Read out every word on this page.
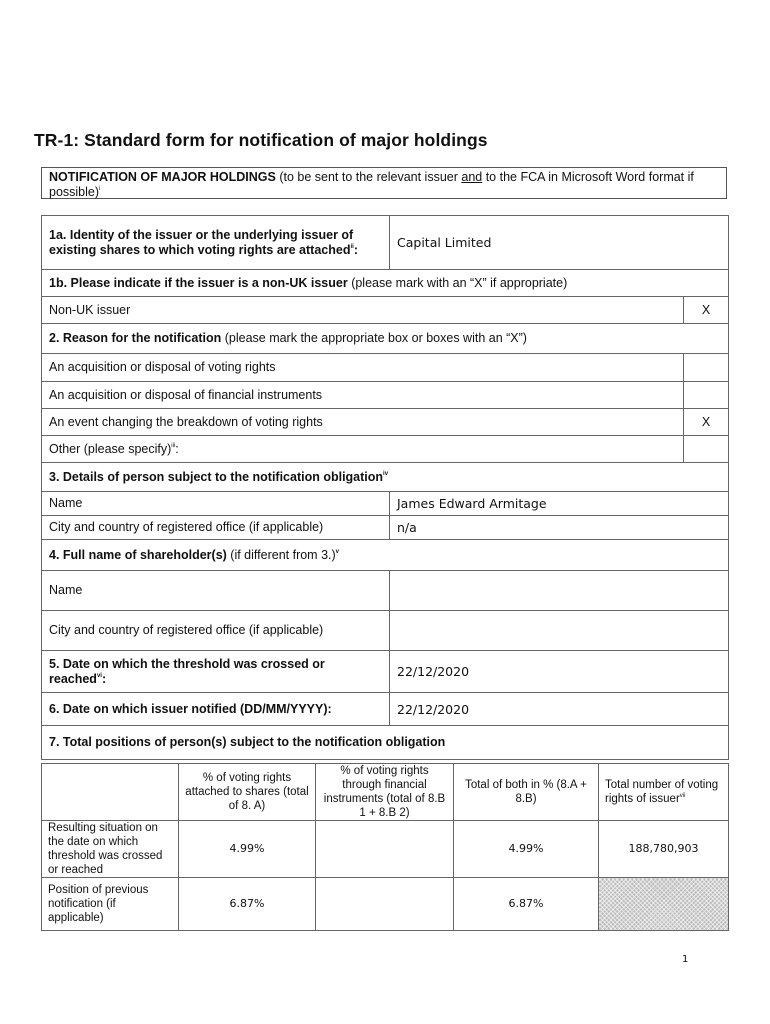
TR-1: Standard form for notification of major holdings
NOTIFICATION OF MAJOR HOLDINGS (to be sent to the relevant issuer and to the FCA in Microsoft Word format if possible)$^i$
1a. Identity of the issuer or the underlying issuer of existing shares to which voting rights are attached$^{ii}$:	Capital Limited	
1b. Please indicate if the issuer is a non-UK issuer (please mark with an “X” if appropriate)		
Non-UK issuer		X
2. Reason for the notification (please mark the appropriate box or boxes with an “X”)		
An acquisition or disposal of voting rights		
An acquisition or disposal of financial instruments		
An event changing the breakdown of voting rights		X
Other (please specify)$^{iii}$:		
3. Details of person subject to the notification obligation$^{iv}$
Name	James Edward Armitage	
City and country of registered office (if applicable)	n/a	
4. Full name of shareholder(s) (if different from 3.)$^v$
Name		
City and country of registered office (if applicable)		
5. Date on which the threshold was crossed or reached$^{vi}$:	22/12/2020	
6. Date on which issuer notified (DD/MM/YYYY):	22/12/2020	
7. Total positions of person(s) subject to the notification obligation		
	% of voting rights attached to shares (total of 8. A)	% of voting rights through financial instruments (total of 8.B 1 + 8.B 2)	Total of both in % (8.A + 8.B)	Total number of voting rights of issuer$^{vii}$
Resulting situation on the date on which threshold was crossed or reached	4.99%		4.99%	188,780,903
Position of previous notification (if applicable)	6.87%		6.87%	
1
